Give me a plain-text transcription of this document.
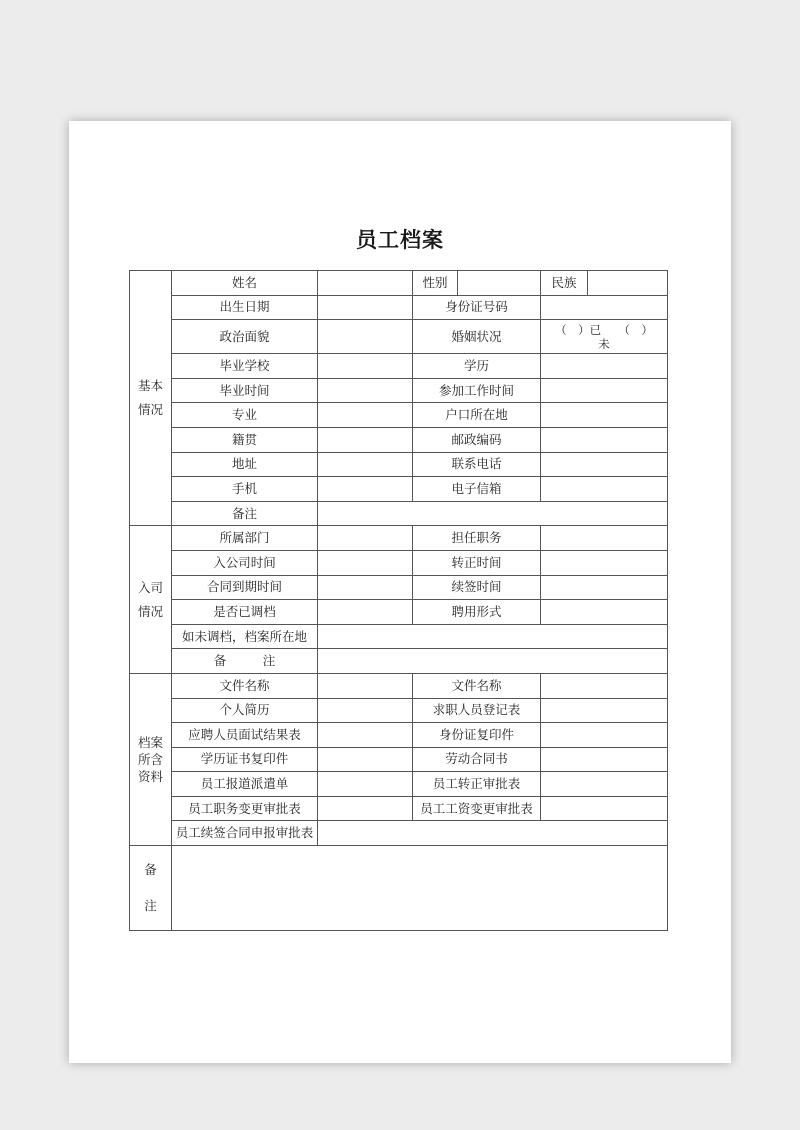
员工档案
基本
情况	姓名		性别		民族	
	出生日期		身份证号码			
	政治面貌		婚姻状况		（　）已　　（　）
未	

	毕业学校		学历			
	毕业时间		参加工作时间			
	专业		户口所在地			
	籍贯		邮政编码			
	地址		联系电话			
	手机		电子信箱			
	备注					

入司
情况	所属部门		担任职务			
	入公司时间		转正时间			
	合同到期时间		续签时间			
	是否已调档		聘用形式			
	如未调档，档案所在地					
	备　注					

档案
所含
资料	文件名称		文件名称			
	个人简历		求职人员登记表			
	应聘人员面试结果表		身份证复印件			
	学历证书复印件		劳动合同书			
	员工报道派遣单		员工转正审批表			
	员工职务变更审批表		员工工资变更审批表			
	员工续签合同申报审批表					

备
注						
